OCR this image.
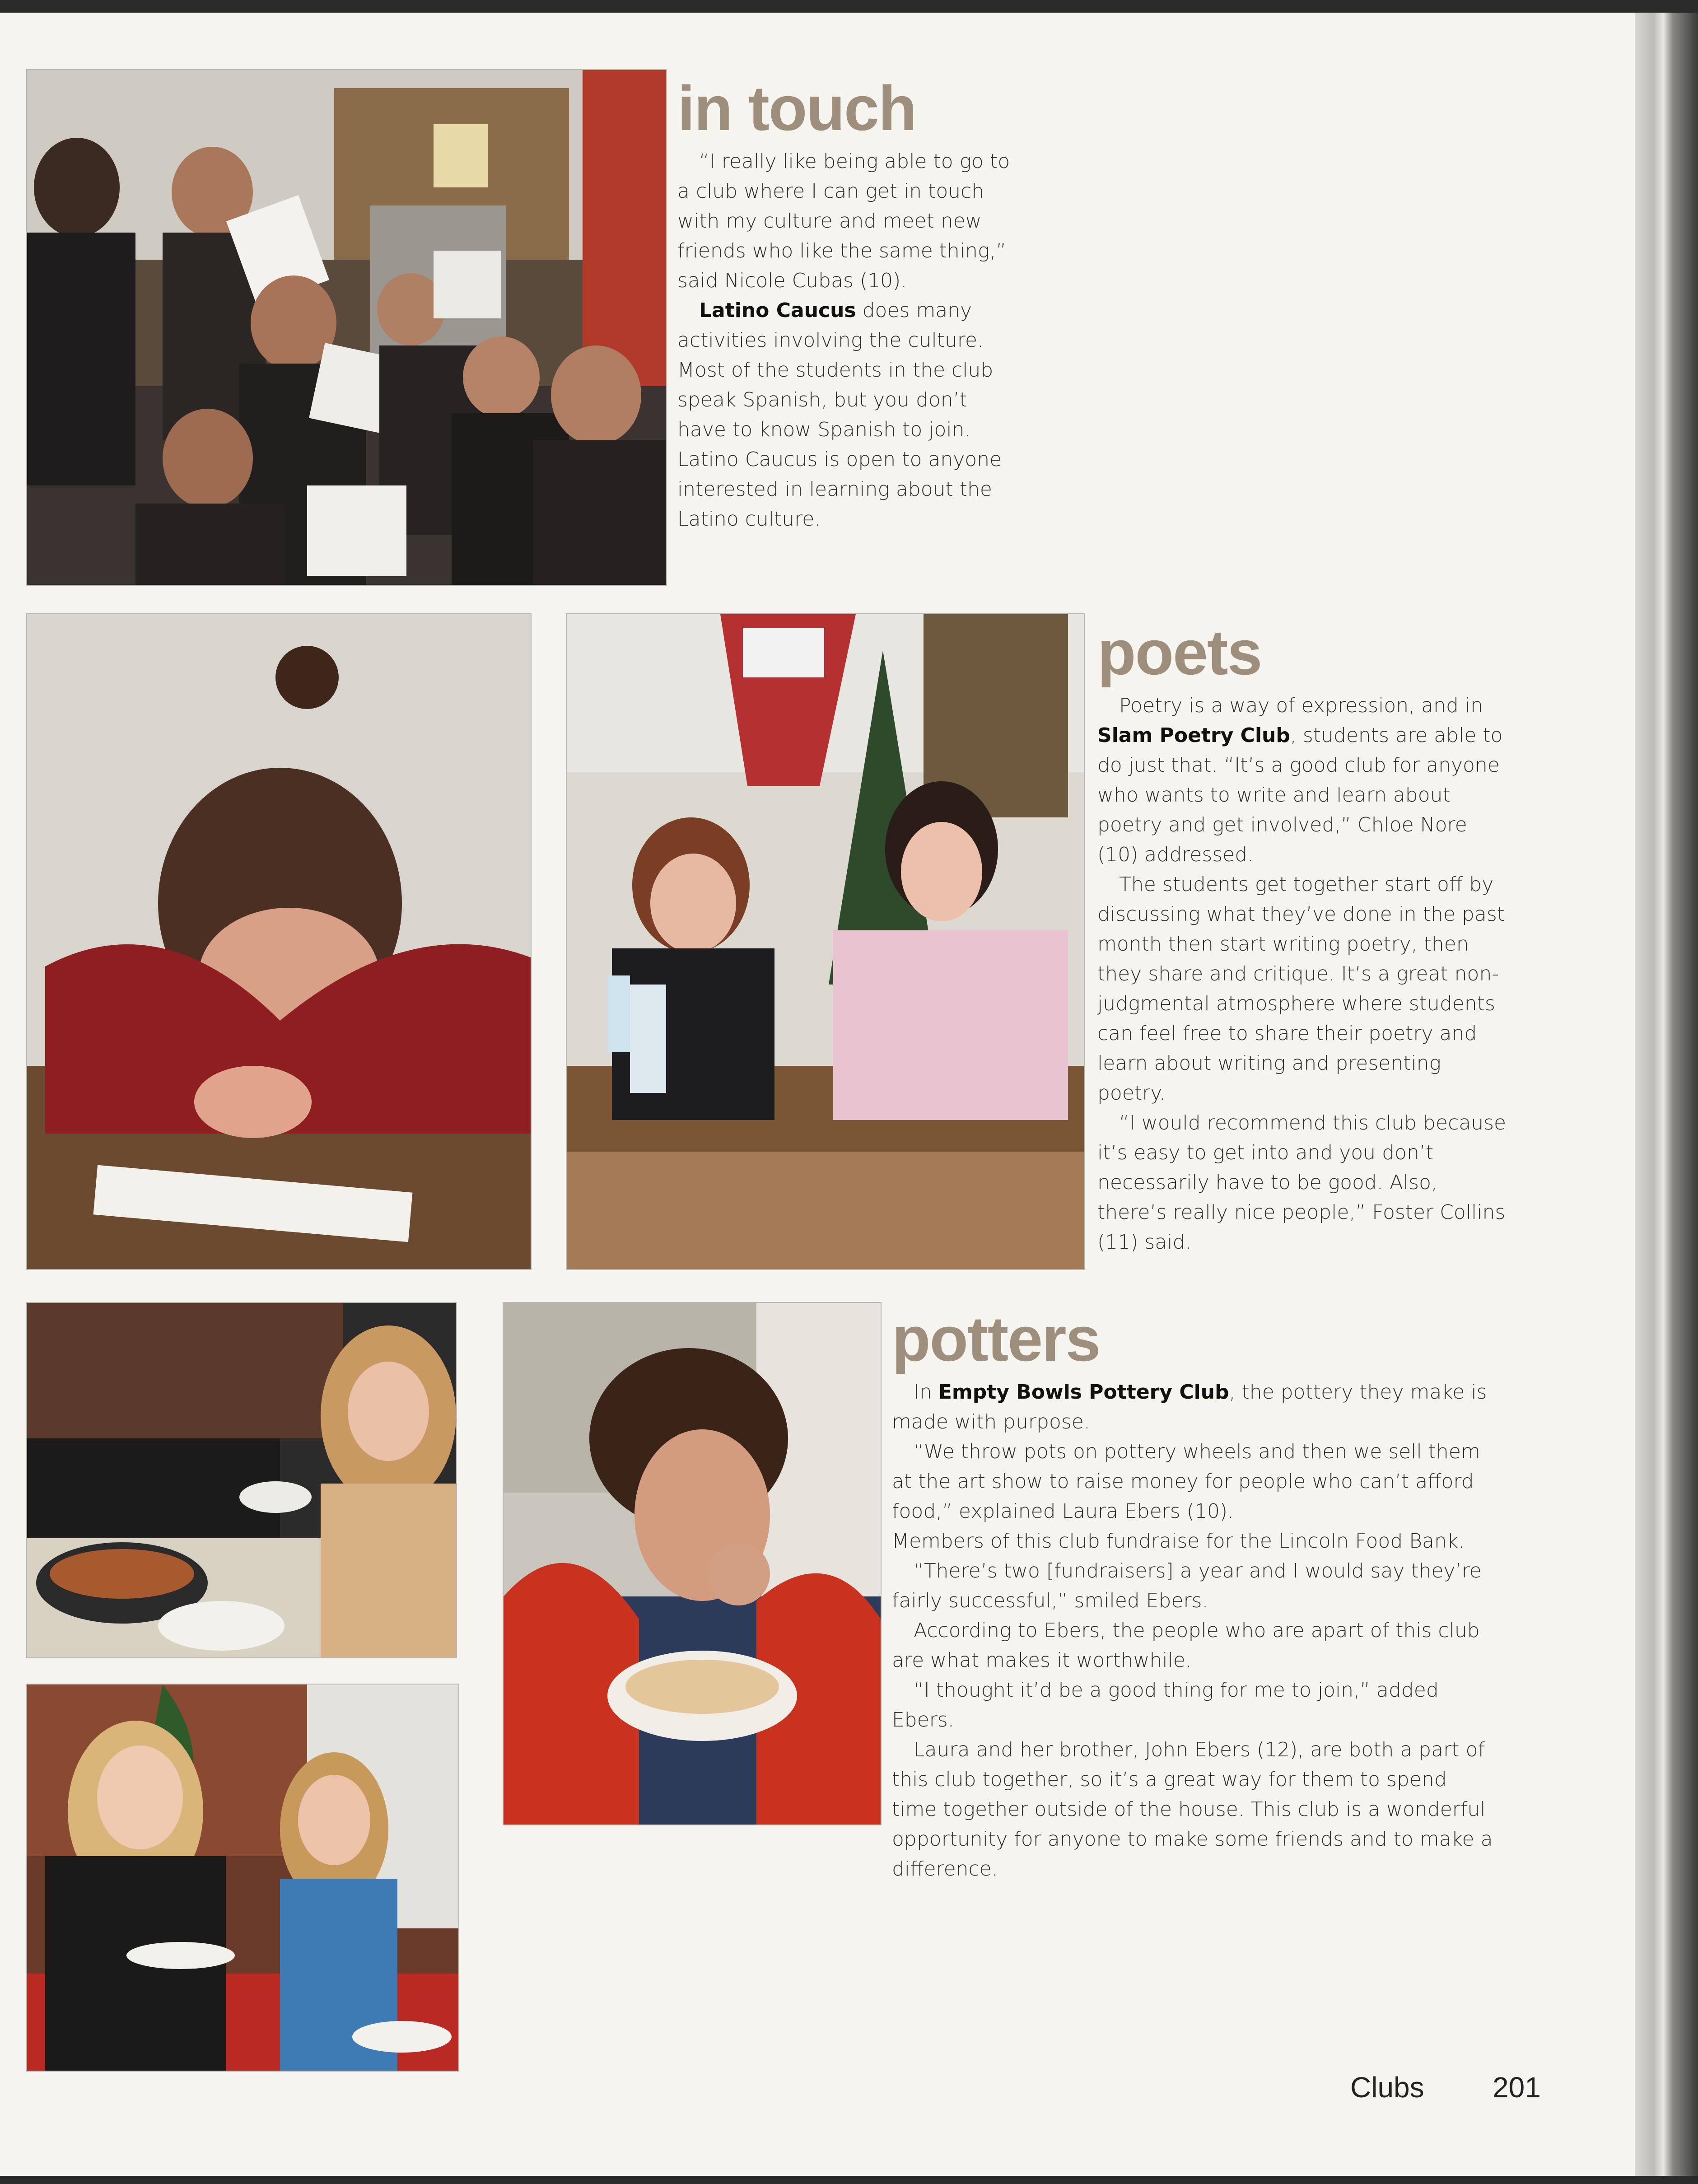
in touch

“I really like being able to go to a club where I can get in touch with my culture and meet new friends who like the same thing,” said Nicole Cubas (10).

Latino Caucus does many activities involving the culture. Most of the students in the club speak Spanish, but you don’t have to know Spanish to join. Latino Caucus is open to anyone interested in learning about the Latino culture.

poets

Poetry is a way of expression, and in Slam Poetry Club, students are able to do just that. “It’s a good club for anyone who wants to write and learn about poetry and get involved,” Chloe Nore (10) addressed.

The students get together start off by discussing what they’ve done in the past month then start writing poetry, then they share and critique. It’s a great non-judgmental atmosphere where students can feel free to share their poetry and learn about writing and presenting poetry.

“I would recommend this club because it’s easy to get into and you don’t necessarily have to be good. Also, there’s really nice people,” Foster Collins (11) said.

potters

In Empty Bowls Pottery Club, the pottery they make is made with purpose.

“We throw pots on pottery wheels and then we sell them at the art show to raise money for people who can’t afford food,” explained Laura Ebers (10).

Members of this club fundraise for the Lincoln Food Bank.

“There’s two [fundraisers] a year and I would say they’re fairly successful,” smiled Ebers.

According to Ebers, the people who are apart of this club are what makes it worthwhile.

“I thought it’d be a good thing for me to join,” added Ebers.

Laura and her brother, John Ebers (12), are both a part of this club together, so it’s a great way for them to spend time together outside of the house. This club is a wonderful opportunity for anyone to make some friends and to make a difference.

Clubs 201
